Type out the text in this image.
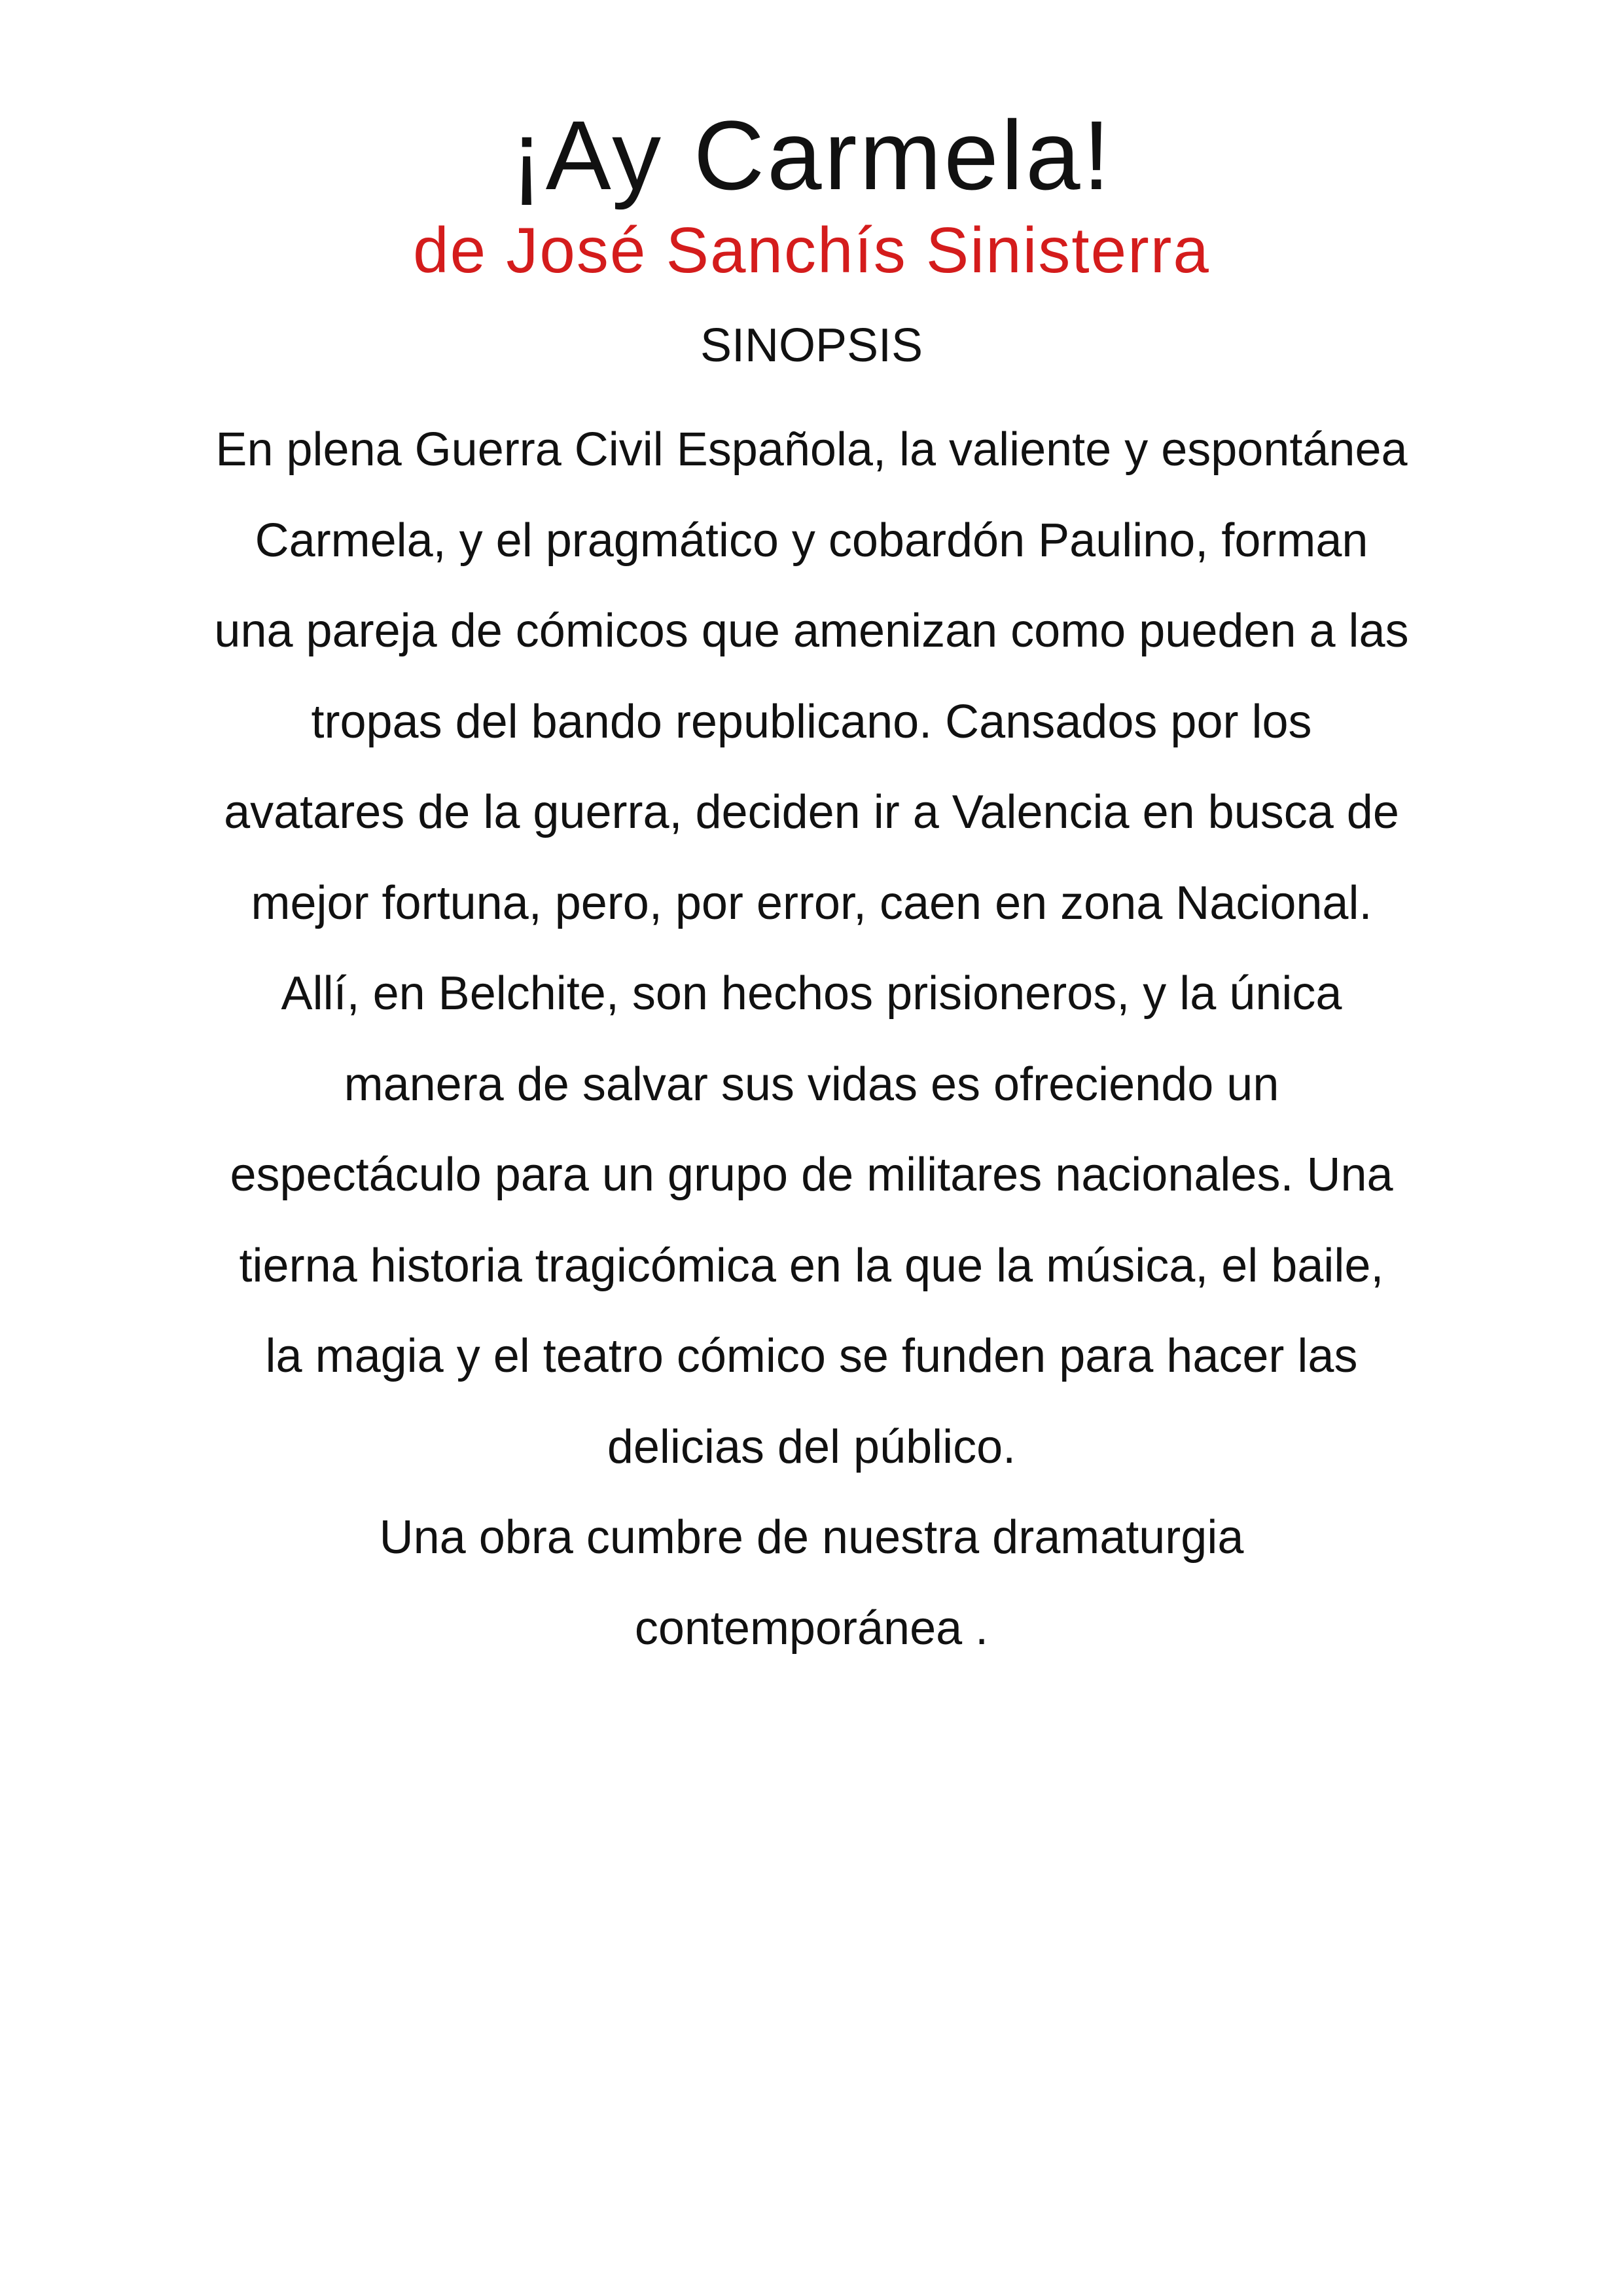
¡Ay Carmela!
de José Sanchís Sinisterra
SINOPSIS
En plena Guerra Civil Española, la valiente y espontánea
Carmela, y el pragmático y cobardón Paulino, forman
una pareja de cómicos que amenizan como pueden a las
tropas del bando republicano. Cansados por los
avatares de la guerra, deciden ir a Valencia en busca de
mejor fortuna, pero, por error, caen en zona Nacional.
Allí, en Belchite, son hechos prisioneros, y la única
manera de salvar sus vidas es ofreciendo un
espectáculo para un grupo de militares nacionales. Una
tierna historia tragicómica en la que la música, el baile,
la magia y el teatro cómico se funden para hacer las
delicias del público.
Una obra cumbre de nuestra dramaturgia
contemporánea .
